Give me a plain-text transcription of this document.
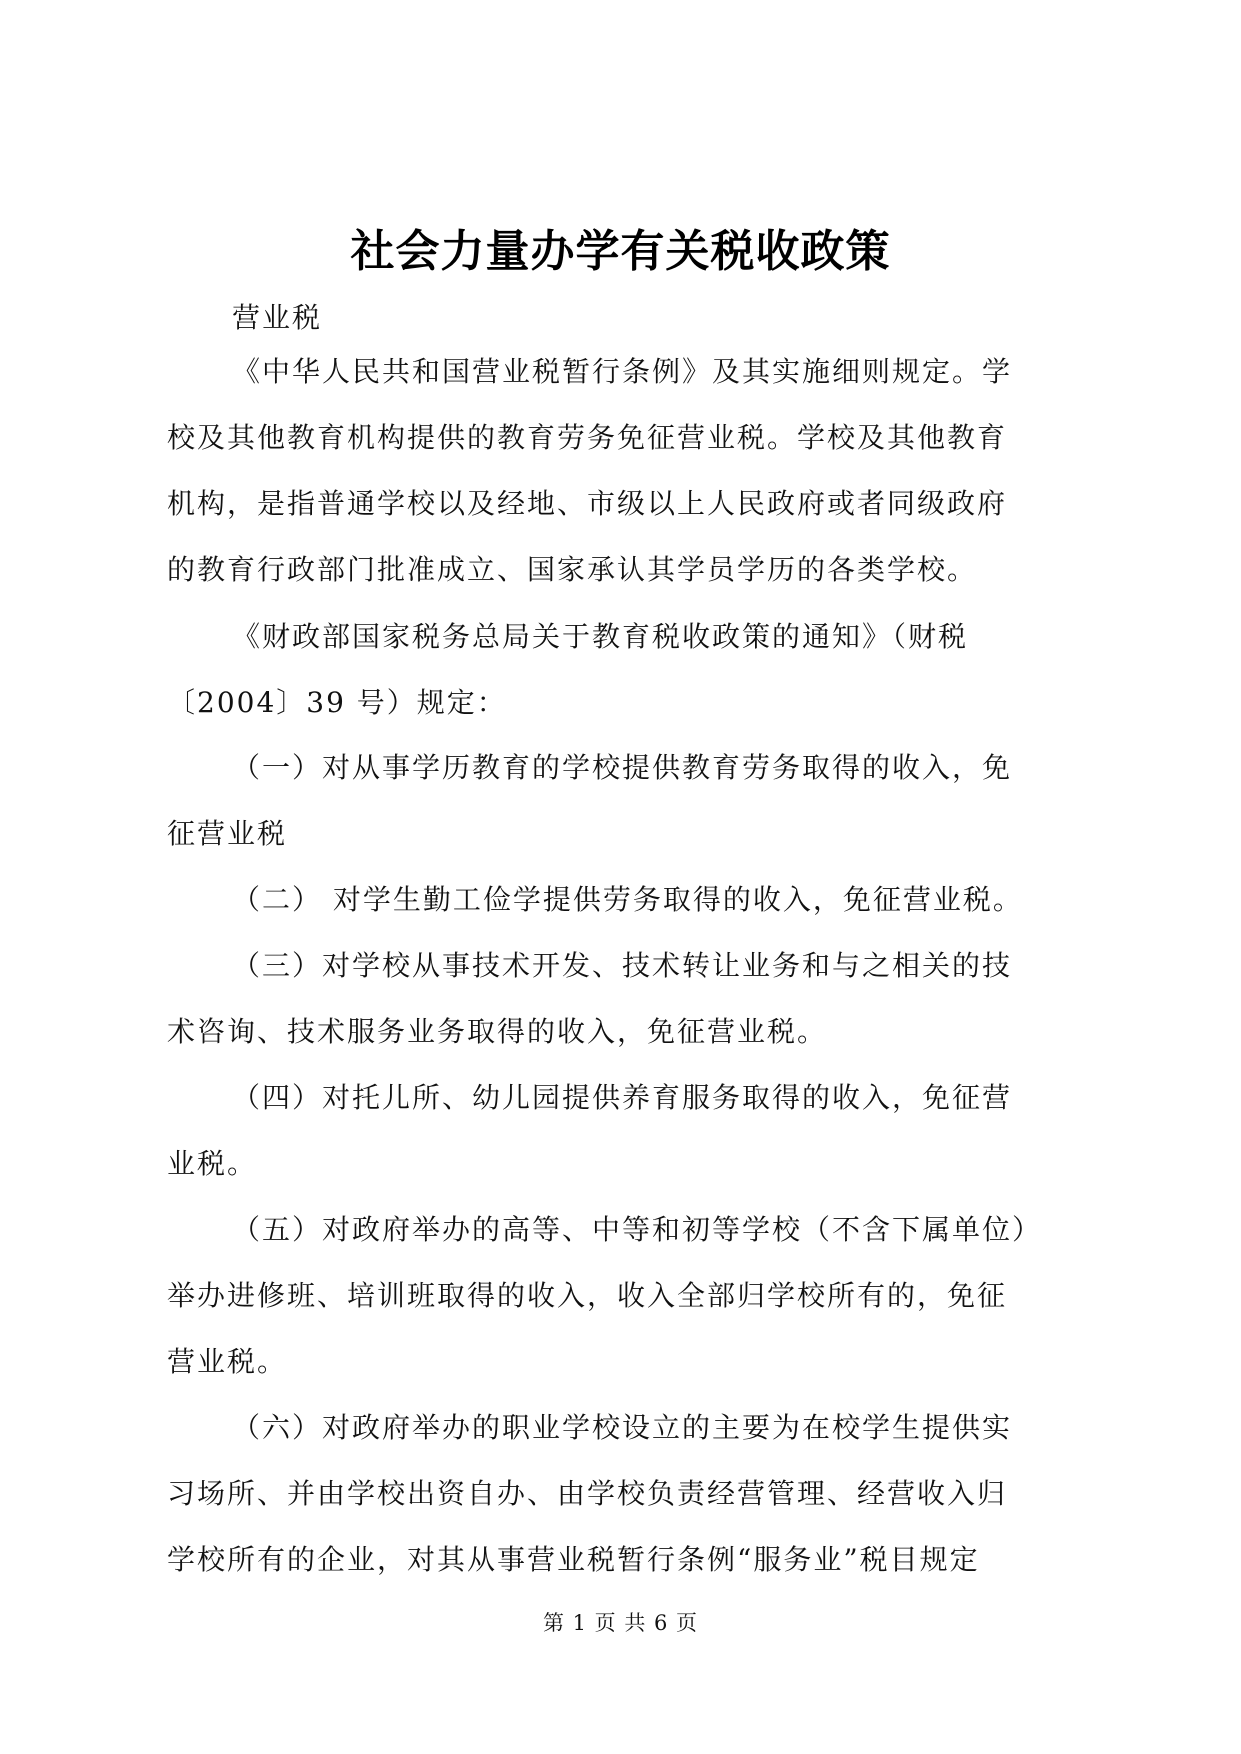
社会力量办学有关税收政策
营业税
《中华人民共和国营业税暂行条例》及其实施细则规定。学
校及其他教育机构提供的教育劳务免征营业税。学校及其他教育
机构，是指普通学校以及经地、市级以上人民政府或者同级政府
的教育行政部门批准成立、国家承认其学员学历的各类学校。
《财政部国家税务总局关于教育税收政策的通知》（财税
〔2004〕39 号）规定：
（一）对从事学历教育的学校提供教育劳务取得的收入，免
征营业税
（二） 对学生勤工俭学提供劳务取得的收入，免征营业税。
（三）对学校从事技术开发、技术转让业务和与之相关的技
术咨询、技术服务业务取得的收入，免征营业税。
（四）对托儿所、幼儿园提供养育服务取得的收入，免征营
业税。
（五）对政府举办的高等、中等和初等学校（不含下属单位）
举办进修班、培训班取得的收入，收入全部归学校所有的，免征
营业税。
（六）对政府举办的职业学校设立的主要为在校学生提供实
习场所、并由学校出资自办、由学校负责经营管理、经营收入归
学校所有的企业，对其从事营业税暂行条例“服务业”税目规定
第 1 页 共 6 页
